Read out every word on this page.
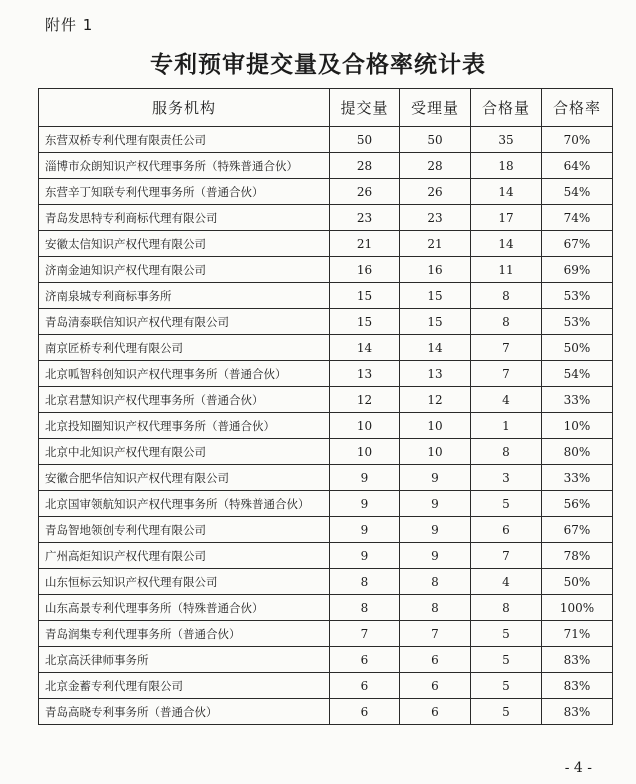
附件 1
专利预审提交量及合格率统计表
服务机构	提交量	受理量	合格量	合格率
东营双桥专利代理有限责任公司	50	50	35	70%
淄博市众朗知识产权代理事务所（特殊普通合伙）	28	28	18	64%
东营辛丁知联专利代理事务所（普通合伙）	26	26	14	54%
青岛发思特专利商标代理有限公司	23	23	17	74%
安徽太信知识产权代理有限公司	21	21	14	67%
济南金迪知识产权代理有限公司	16	16	11	69%
济南泉城专利商标事务所	15	15	8	53%
青岛清泰联信知识产权代理有限公司	15	15	8	53%
南京匠桥专利代理有限公司	14	14	7	50%
北京呱智科创知识产权代理事务所（普通合伙）	13	13	7	54%
北京君慧知识产权代理事务所（普通合伙）	12	12	4	33%
北京投知圈知识产权代理事务所（普通合伙）	10	10	1	10%
北京中北知识产权代理有限公司	10	10	8	80%
安徽合肥华信知识产权代理有限公司	9	9	3	33%
北京国审领航知识产权代理事务所（特殊普通合伙）	9	9	5	56%
青岛智地领创专利代理有限公司	9	9	6	67%
广州高炬知识产权代理有限公司	9	9	7	78%
山东恒标云知识产权代理有限公司	8	8	4	50%
山东高景专利代理事务所（特殊普通合伙）	8	8	8	100%
青岛润集专利代理事务所（普通合伙）	7	7	5	71%
北京高沃律师事务所	6	6	5	83%
北京金蓄专利代理有限公司	6	6	5	83%
青岛高晓专利事务所（普通合伙）	6	6	5	83%
- 4 -
